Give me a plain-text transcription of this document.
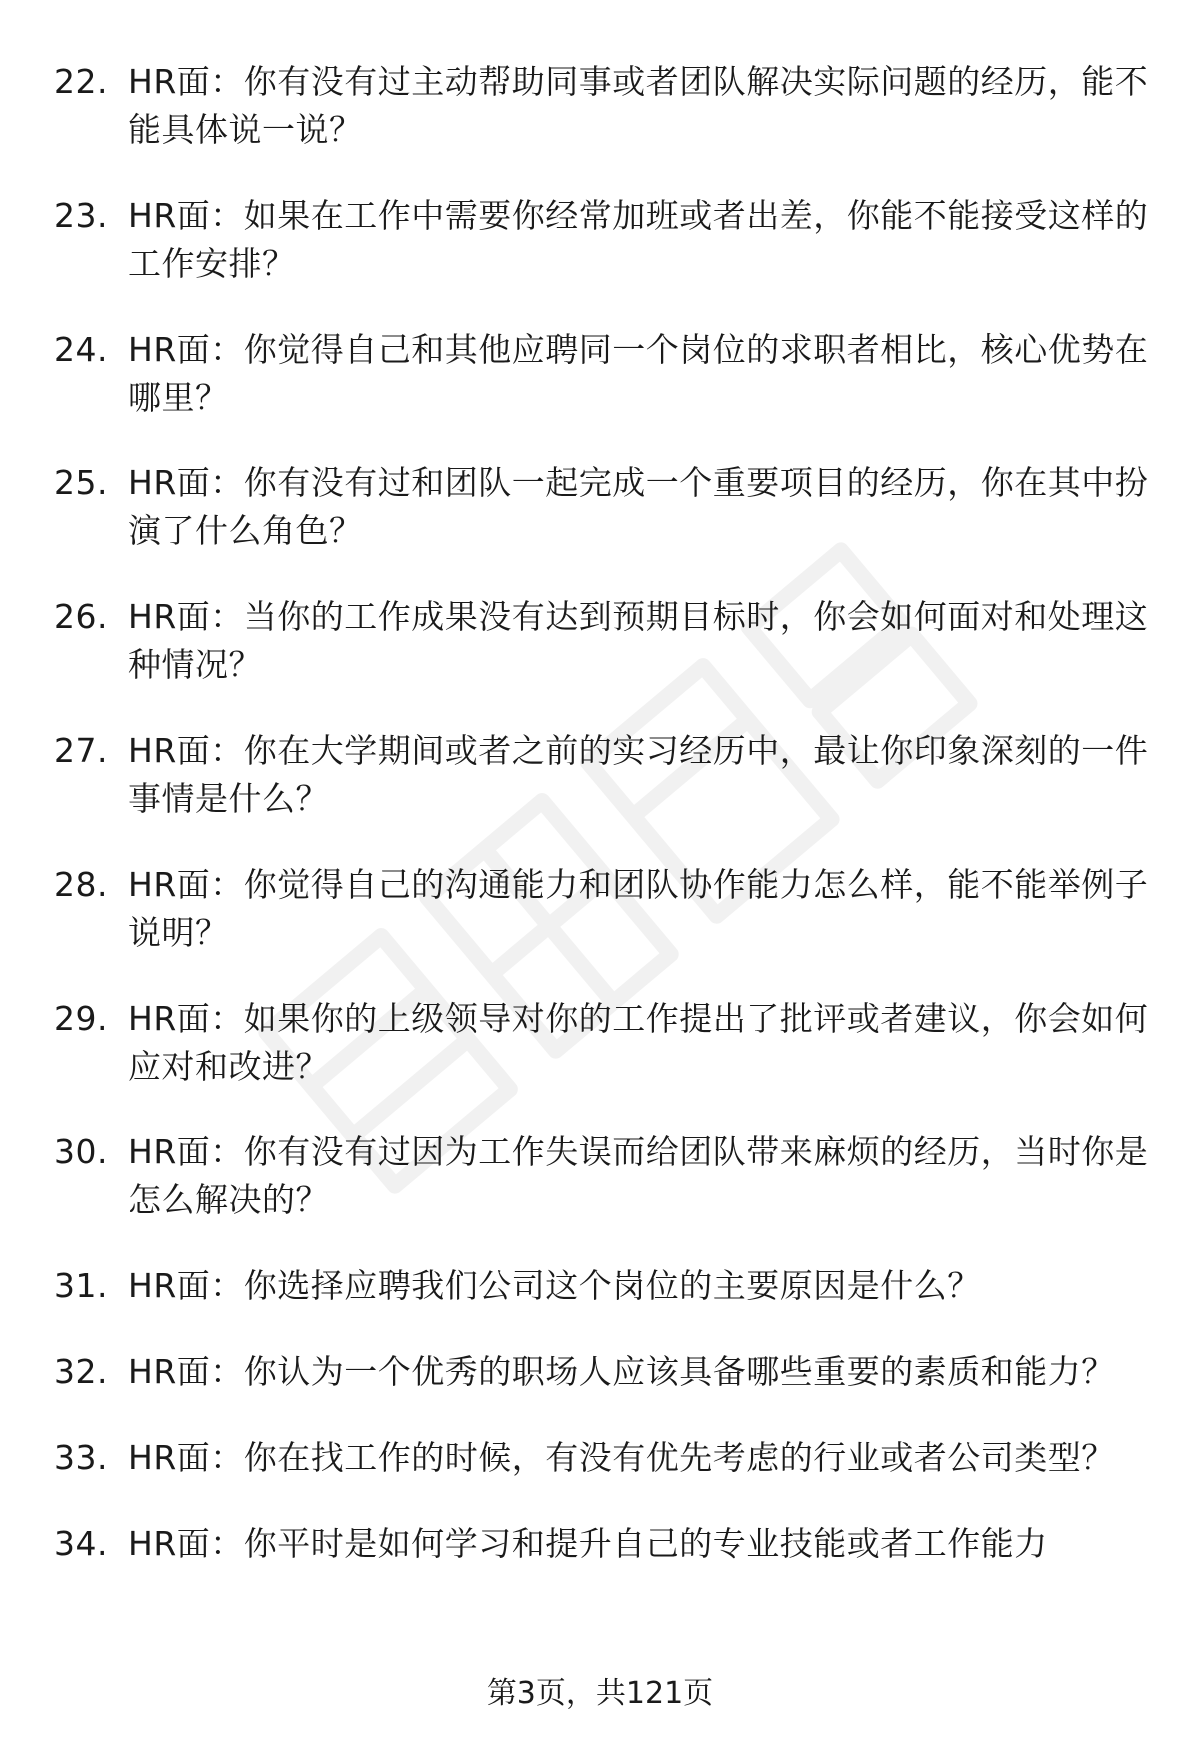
22. HR面：你有没有过主动帮助同事或者团队解决实际问题的经历，能不能具体说一说？
23. HR面：如果在工作中需要你经常加班或者出差，你能不能接受这样的工作安排？
24. HR面：你觉得自己和其他应聘同一个岗位的求职者相比，核心优势在哪里？
25. HR面：你有没有过和团队一起完成一个重要项目的经历，你在其中扮演了什么角色？
26. HR面：当你的工作成果没有达到预期目标时，你会如何面对和处理这种情况？
27. HR面：你在大学期间或者之前的实习经历中，最让你印象深刻的一件事情是什么？
28. HR面：你觉得自己的沟通能力和团队协作能力怎么样，能不能举例子说明？
29. HR面：如果你的上级领导对你的工作提出了批评或者建议，你会如何应对和改进？
30. HR面：你有没有过因为工作失误而给团队带来麻烦的经历，当时你是怎么解决的？
31. HR面：你选择应聘我们公司这个岗位的主要原因是什么？
32. HR面：你认为一个优秀的职场人应该具备哪些重要的素质和能力？
33. HR面：你在找工作的时候，有没有优先考虑的行业或者公司类型？
34. HR面：你平时是如何学习和提升自己的专业技能或者工作能力
第3页，共121页
